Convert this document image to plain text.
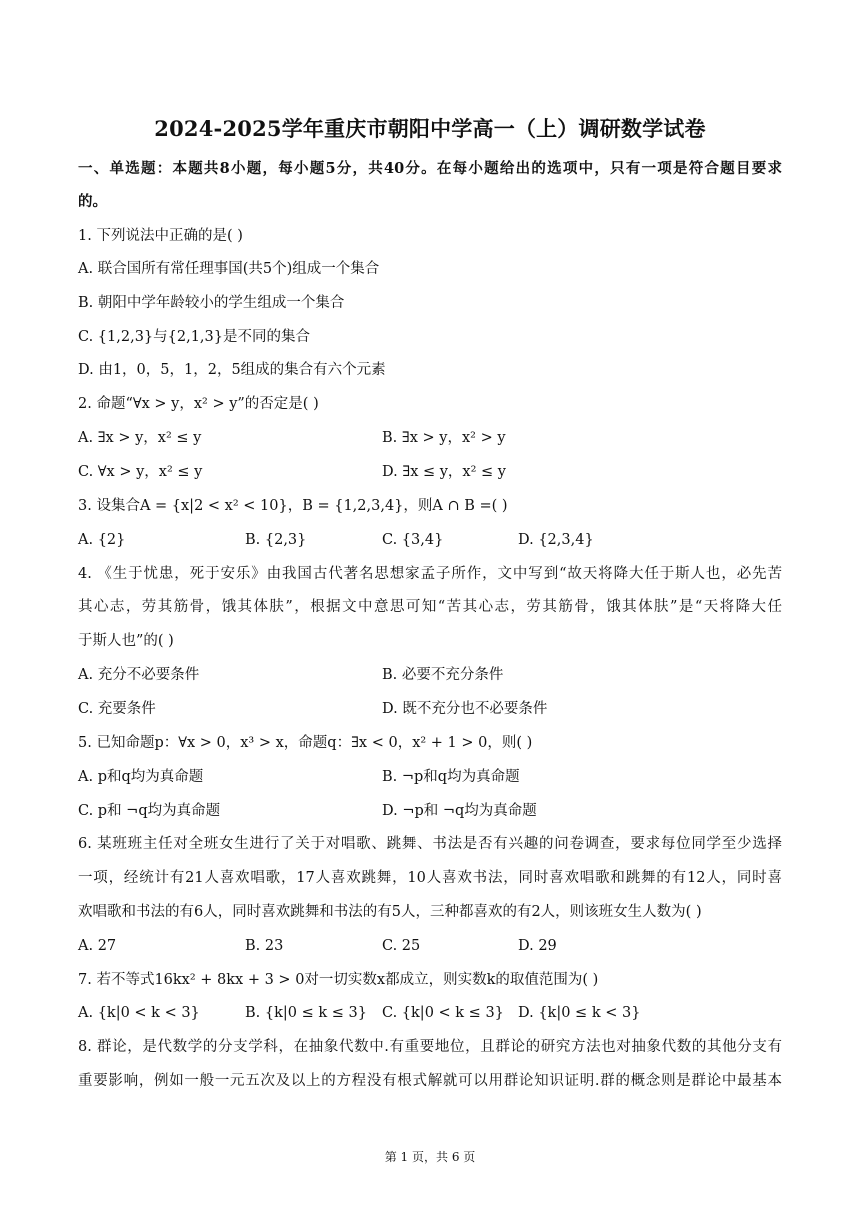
2024-2025学年重庆市朝阳中学高一（上）调研数学试卷
一、单选题：本题共8小题，每小题5分，共40分。在每小题给出的选项中，只有一项是符合题目要求
的。
1. 下列说法中正确的是( )
A. 联合国所有常任理事国(共5个)组成一个集合
B. 朝阳中学年龄较小的学生组成一个集合
C. {1,2,3}与{2,1,3}是不同的集合
D. 由1，0，5，1，2，5组成的集合有六个元素
2. 命题“∀x > y，x² > y”的否定是( )
A. ∃x > y，x² ≤ y	B. ∃x > y，x² > y
C. ∀x > y，x² ≤ y	D. ∃x ≤ y，x² ≤ y
3. 设集合A = {x|2 < x² < 10}，B = {1,2,3,4}，则A ∩ B =( )
A. {2}	B. {2,3}	C. {3,4}	D. {2,3,4}
4. 《生于忧患，死于安乐》由我国古代著名思想家孟子所作，文中写到“故天将降大任于斯人也，必先苦
其心志，劳其筋骨，饿其体肤”，根据文中意思可知“苦其心志，劳其筋骨，饿其体肤”是“天将降大任
于斯人也”的( )
A. 充分不必要条件	B. 必要不充分条件
C. 充要条件	D. 既不充分也不必要条件
5. 已知命题p：∀x > 0，x³ > x，命题q：∃x < 0，x² + 1 > 0，则( )
A. p和q均为真命题	B. ¬p和q均为真命题
C. p和 ¬q均为真命题	D. ¬p和 ¬q均为真命题
6. 某班班主任对全班女生进行了关于对唱歌、跳舞、书法是否有兴趣的问卷调查，要求每位同学至少选择
一项，经统计有21人喜欢唱歌，17人喜欢跳舞，10人喜欢书法，同时喜欢唱歌和跳舞的有12人，同时喜
欢唱歌和书法的有6人，同时喜欢跳舞和书法的有5人，三种都喜欢的有2人，则该班女生人数为( )
A. 27	B. 23	C. 25	D. 29
7. 若不等式16kx² + 8kx + 3 > 0对一切实数x都成立，则实数k的取值范围为( )
A. {k|0 < k < 3}	B. {k|0 ≤ k ≤ 3} C. {k|0 < k ≤ 3} D. {k|0 ≤ k < 3}
8. 群论，是代数学的分支学科，在抽象代数中.有重要地位，且群论的研究方法也对抽象代数的其他分支有
重要影响，例如一般一元五次及以上的方程没有根式解就可以用群论知识证明.群的概念则是群论中最基本
第 1 页，共 6 页
